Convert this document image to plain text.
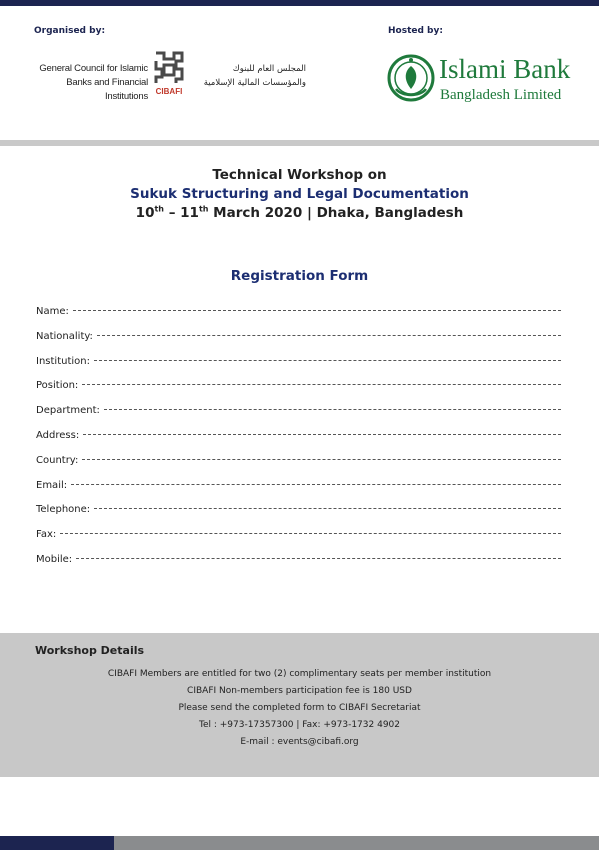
Organised by:	Hosted by:
General Council for Islamic
Banks and Financial Institutions CIBAFI
المجلس العام للبنوك
والمؤسسات المالية الإسلامية	Islami Bank
Bangladesh Limited
Technical Workshop on
Sukuk Structuring and Legal Documentation
10th – 11th March 2020 | Dhaka, Bangladesh
Registration Form
Name:
Nationality:
Institution:
Position:
Department:
Address:
Country:
Email:
Telephone:
Fax:
Mobile:
Workshop Details
CIBAFI Members are entitled for two (2) complimentary seats per member institution
CIBAFI Non-members participation fee is 180 USD
Please send the completed form to CIBAFI Secretariat
Tel : +973-17357300 | Fax: +973-1732 4902
E-mail : events@cibafi.org
